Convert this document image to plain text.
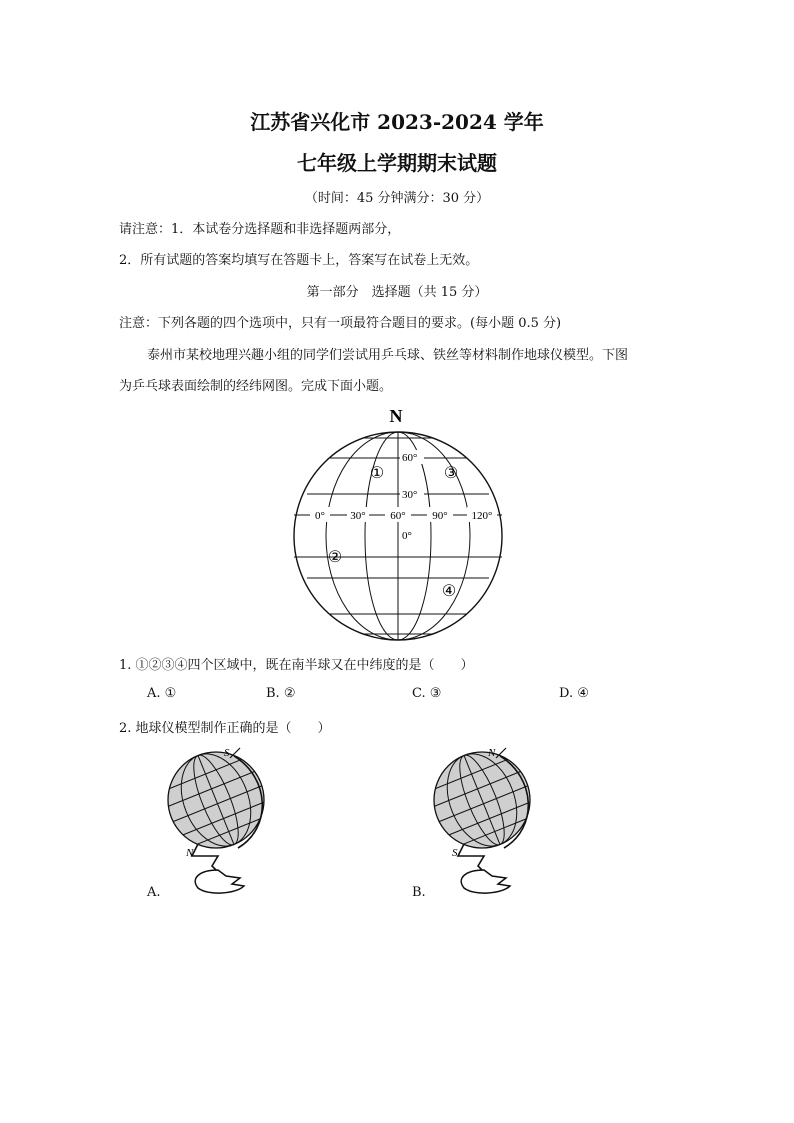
江苏省兴化市 2023-2024 学年
七年级上学期期末试题
（时间：45 分钟满分：30 分）
请注意：1．本试卷分选择题和非选择题两部分，
2．所有试题的答案均填写在答题卡上，答案写在试卷上无效。
第一部分　选择题（共 15 分）
注意：下列各题的四个选项中，只有一项最符合题目的要求。(每小题 0.5 分)
泰州市某校地理兴趣小组的同学们尝试用乒乓球、铁丝等材料制作地球仪模型。下图
为乒乓球表面绘制的经纬网图。完成下面小题。
N
60°
30°
0°
0° 30° 60° 90° 120°
①
②
③
④
1. ①②③④四个区域中，既在南半球又在中纬度的是（　　）
A. ①	B. ②	C. ③	D. ④
2. 地球仪模型制作正确的是（　　）
S
N
A.
N
S
B.
